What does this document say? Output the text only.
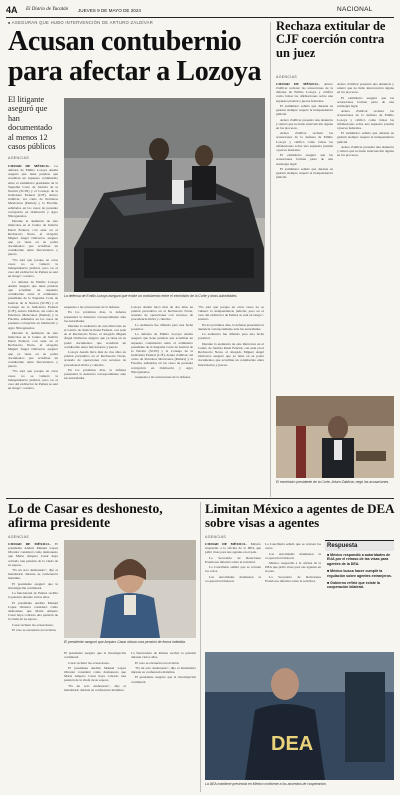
4A El Diario de Yucatán JUEVES 9 DE MAYO DE 2024	NACIONAL
■ ASEGURAN QUE HUBO INTERVENCIÓN DE ARTURO ZALDÍVAR
Acusan contubernio para afectar a Lozoya
El litigante aseguró que han documentado al menos 12 casos públicos
AGENCIAS

CIUDAD DE MÉXICO.- La defensa de Emilio Lozoya Austin aseguró que tiene pruebas que acreditan un supuesto contubernio entre el exministro presidente de la Suprema Corte de Justicia de la Nación (SCJN) y el Consejo de la Judicatura Federal (CJF), Arturo Zaldívar, así como de Petróleos Mexicanos (Pemex) y la Fiscalía, señalados en los casos de presunta corrupción en Odebrecht y Agro Nitrogenados.

Durante la audiencia de este miércoles en el Centro de Justicia Penal Federal, con sede en el Reclusorio Norte, el abogado Miguel Ángel Ontiveros aseguró que ya tiene en su poder documentos que acreditan un contubernio entre funcionarios y jueces.

"No está que porque en otros casos no se vulneró la independencia judicial, pero en el caso del exdirector de Pemex se está en riesgo", sostuvo.

La defensa de Emilio Lozoya Austin aseguró que tiene pruebas que acreditan un supuesto contubernio entre el exministro presidente de la Suprema Corte de Justicia de la Nación (SCJN) y el Consejo de la Judicatura Federal (CJF), Arturo Zaldívar, así como de Petróleos Mexicanos (Pemex) y la Fiscalía, señalados en los casos de presunta corrupción en Odebrecht y Agro Nitrogenados.

Durante la audiencia de este miércoles en el Centro de Justicia Penal Federal, con sede en el Reclusorio Norte, el abogado Miguel Ángel Ontiveros aseguró que ya tiene en su poder documentos que acreditan un contubernio entre funcionarios y jueces.

"No está que porque en otros casos no se vulneró la independencia judicial, pero en el caso del exdirector de Pemex se está en riesgo", sostuvo.

La defensa de Emilio Lozoya aseguró que existe un contubernio entre el exministro de la Corte y otras autoridades.

respuesta a las acusaciones de la defensa.

En los próximos días, la defensa presentará la denuncia correspondiente ante las autoridades.

Durante la audiencia de este miércoles en el Centro de Justicia Penal Federal, con sede en el Reclusorio Norte, el abogado Miguel Ángel Ontiveros aseguró que ya tiene en su poder documentos que acreditan un contubernio entre funcionarios y jueces.

Lozoya Austin lleva más de dos años en prisión preventiva en el Reclusorio Norte, acusado de operaciones con recursos de procedencia ilícita y cohecho.

En los próximos días, la defensa presentará la denuncia correspondiente ante las autoridades.

Lozoya Austin lleva más de dos años en prisión preventiva en el Reclusorio Norte, acusado de operaciones con recursos de procedencia ilícita y cohecho.

La audiencia fue diferida para una fecha posterior.

La defensa de Emilio Lozoya Austin aseguró que tiene pruebas que acreditan un supuesto contubernio entre el exministro presidente de la Suprema Corte de Justicia de la Nación (SCJN) y el Consejo de la Judicatura Federal (CJF), Arturo Zaldívar, así como de Petróleos Mexicanos (Pemex) y la Fiscalía, señalados en los casos de presunta corrupción en Odebrecht y Agro Nitrogenados.

respuesta a las acusaciones de la defensa.

"No está que porque en otros casos no se vulneró la independencia judicial, pero en el caso del exdirector de Pemex se está en riesgo", sostuvo.

En los próximos días, la defensa presentará la denuncia correspondiente ante las autoridades.

La audiencia fue diferida para una fecha posterior.

Durante la audiencia de este miércoles en el Centro de Justicia Penal Federal, con sede en el Reclusorio Norte, el abogado Miguel Ángel Ontiveros aseguró que ya tiene en su poder documentos que acreditan un contubernio entre funcionarios y jueces.

Rechaza extitular de CJF coerción contra un juez
AGENCIAS

CIUDAD DE MÉXICO.- Arturo Zaldívar rechazó las acusaciones de la defensa de Emilio Lozoya y calificó como falsas las afirmaciones sobre una supuesta presión a jueces federales.

El exministro señaló que durante su gestión siempre respetó la independencia judicial.

Arturo Zaldívar presentó una denuncia y reiteró que no hubo intervención alguna en los procesos.

Arturo Zaldívar rechazó las acusaciones de la defensa de Emilio Lozoya y calificó como falsas las afirmaciones sobre una supuesta presión a jueces federales.

El exministro aseguró que las acusaciones forman parte de una estrategia legal.

El exministro señaló que durante su gestión siempre respetó la independencia judicial.

Arturo Zaldívar presentó una denuncia y reiteró que no hubo intervención alguna en los procesos.

El exministro aseguró que las acusaciones forman parte de una estrategia legal.

Arturo Zaldívar rechazó las acusaciones de la defensa de Emilio Lozoya y calificó como falsas las afirmaciones sobre una supuesta presión a jueces federales.

El exministro señaló que durante su gestión siempre respetó la independencia judicial.

Arturo Zaldívar presentó una denuncia y reiteró que no hubo intervención alguna en los procesos.

El exministro presidente de la Corte, Arturo Zaldívar, negó las acusaciones.
Lo de Casar es deshonesto, afirma presidente
AGENCIAS

CIUDAD DE MÉXICO.- El presidente Andrés Manuel López Obrador consideró como deshonesto que María Amparo Casar haya cobrado una pensión de la viuda de su esposo.

"Es un acto deshonesto", dijo el mandatario durante su conferencia matutina.

El presidente aseguró que la investigación continuará.

La funcionaria de Pemex recibió la pensión durante varios años.

El presidente Andrés Manuel López Obrador consideró como deshonesto que María Amparo Casar haya cobrado una pensión de la viuda de su esposo.

Casar rechazó las acusaciones.

El caso se encuentra en revisión.

El presidente aseguró que Amparo Casar obtuvo una pensión de forma indebida.

El presidente aseguró que la investigación continuará.

Casar rechazó las acusaciones.

El presidente Andrés Manuel López Obrador consideró como deshonesto que María Amparo Casar haya cobrado una pensión de la viuda de su esposo.

"Es un acto deshonesto", dijo el mandatario durante su conferencia matutina.

La funcionaria de Pemex recibió la pensión durante varios años.

El caso se encuentra en revisión.

"Es un acto deshonesto", dijo el mandatario durante su conferencia matutina.

El presidente aseguró que la investigación continuará.

Limitan México a agentes de DEA sobre visas a agentes
AGENCIAS

CIUDAD DE MÉXICO.- México respondió a la oficina de la DEA que pidió visas para sus agentes en el país.

La Secretaría de Relaciones Exteriores informó sobre la solicitud.

La Cancillería señaló que se revisan los casos.

Las autoridades mantienen la cooperación bilateral.

La Cancillería señaló que se revisan los casos.

Las autoridades mantienen la cooperación bilateral.

México respondió a la oficina de la DEA que pidió visas para sus agentes en el país.

La Secretaría de Relaciones Exteriores informó sobre la solicitud.

Respuesta
■ México respondió a autoridades de EUA por el retraso de las visas para agentes de la DEA.
■ México busca hacer cumplir la regulación sobre agentes extranjeros.
■ Gobierno refirió que existe la cooperación bilateral.
DEA
La DEA mantiene presencia en México conforme a los acuerdos de cooperación.
